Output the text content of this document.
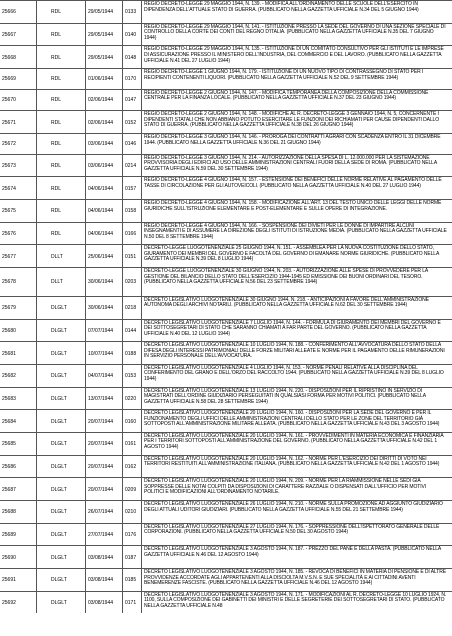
25666	RDL	29/05/1944 0133
REGIO DECRETO-LEGGE 29 MAGGIO 1944, N. 139. - MODIFICA ALL'ORDINAMENTO DELLE SCUOLE DELL'ESERCITO IN DIPENDENZA DELL'ATTUALE STATO DI GUERRA. (PUBBLICATO NELLA GAZZETTA UFFICIALE N.34 DEL 5 GIUGNO 1944)
25667	RDL	29/05/1944 0140
REGIO DECRETO-LEGGE 29 MAGGIO 1944, N. 141. - ISTITUZIONE PRESSO LA SEDE DEL GOVERNO DI UNA SEZIONE SPECIALE DI CONTROLLO DELLA CORTE DEI CONTI DEL REGNO D'ITALIA. (PUBBLICATO NELLA GAZZETTA UFFICIALE N.35 DEL 7 GIUGNO 1944)
25668	RDL	29/05/1944 0148
REGIO DECRETO-LEGGE 29 MAGGIO 1944, N. 135. - ISTITUZIONE DI UN COMITATO CONSULTIVO PER GLI ISTITUTI E LE IMPRESE DI ASSICURAZIONE PRESSO IL MINISTERO DELL'INDUSTRIA, DEL COMMERCIO E DEL LAVORO. (PUBBLICATO NELLA GAZZETTA UFFICIALE N.41 DEL 27 LUGLIO 1944)
25669	RDL	01/06/1944 0170
REGIO DECRETO-LEGGE 1 GIUGNO 1944, N. 179. - ISTITUZIONE DI UN NUOVO TIPO DI CONTRASSEGNO DI STATO PER I RECIPIENTI CONTENENTI LIQUORI. (PUBBLICATO NELLA GAZZETTA UFFICIALE N.52 DEL 9 SETTEMBRE 1944)
25670	RDL	02/06/1944 0147
REGIO DECRETO-LEGGE 2 GIUGNO 1944, N. 147. - MODIFICA TEMPORANEA DELLA COMPOSIZIONE DELLA COMMISSIONE CENTRALE PER LA FINANZA LOCALE. (PUBBLICATO NELLA GAZZETTA UFFICIALE N.37 DEL 23 GIUGNO 1944)
25671	RDL	02/06/1944 0152
REGIO DECRETO-LEGGE 2 GIUGNO 1944, N. 148. - MODIFICHE AL R. DECRETO-LEGGE 3 GENNAIO 1944, N. 5, CONCERNENTE I DIPENDENTI STATALI CHE NON ABBIANO POTUTO ESERCITARE LE FUNZIONI DEI RICHIAMATI PER CAUSE DIPENDENTI DALLO STATO DI GUERRA. (PUBBLICATO NELLA GAZZETTA UFFICIALE N.38 DEL 26 GIUGNO 1944)
25672	RDL	03/06/1944 0146
REGIO DECRETO-LEGGE 3 GIUGNO 1944, N. 146. - PROROGA DEI CONTRATTI AGRARI CON SCADENZA ENTRO IL 31 DICEMBRE 1944. (PUBBLICATO NELLA GAZZETTA UFFICIALE N.36 DEL 21 GIUGNO 1944)
25673	RDL	03/06/1944 0214
REGIO DECRETO-LEGGE 3 GIUGNO 1944, N. 214. - AUTORIZZAZIONE DELLA SPESA DI L. 12.000.000 PER LA SISTEMAZIONE PROVVISORIA DEGLI EDIFICI AD USO DELLE AMMINISTRAZIONI CENTRALI FUORI DELLA SEDE DI ROMA. (PUBBLICATO NELLA GAZZETTA UFFICIALE N.59 DEL 30 SETTEMBRE 1944)
25674	RDL	04/06/1944 0157
REGIO DECRETO-LEGGE 4 GIUGNO 1944, N. 157. - ESTENSIONE DEI BENEFICI DELLE NORME RELATIVE AL PAGAMENTO DELLE TASSE DI CIRCOLAZIONE PER GLI AUTOVEICOLI. (PUBBLICATO NELLA GAZZETTA UFFICIALE N.40 DEL 27 LUGLIO 1944)
25675	RDL	04/06/1944 0158
REGIO DECRETO-LEGGE 4 GIUGNO 1944, N. 158. - MODIFICAZIONE ALL'ART. 13 DEL TESTO UNICO DELLE LEGGI DELLE NORME GIURIDICHE SULL'ISTRUZIONE ELEMENTARE E POST-ELEMENTARE E SULLE OPERE DI INTEGRAZIONE.
25676	RDL	04/06/1944 0166
REGIO DECRETO-LEGGE 4 GIUGNO 1944, N. 166. - SOSPENSIONE DEI DIVIETI PER LE DONNE DI IMPARTIRE ALCUNI INSEGNAMENTI E DI ASSUMERE LA DIREZIONE DEGLI ISTITUTI DI ISTRUZIONE MEDIA. (PUBBLICATO NELLA GAZZETTA UFFICIALE N.50 DEL 8 SETTEMBRE 1944)
25677	DLLT	25/06/1944 0151
DECRETO-LEGGE LUOGOTENENZIALE 25 GIUGNO 1944, N. 151. - ASSEMBLEA PER LA NUOVA COSTITUZIONE DELLO STATO, GIURAMENTO DEI MEMBRI DEL GOVERNO E FACOLTÀ DEL GOVERNO DI EMANARE NORME GIURIDICHE. (PUBBLICATO NELLA GAZZETTA UFFICIALE N.39 DEL 8 LUGLIO 1944)
25678	DLLT	30/06/1944 0203
DECRETO-LEGGE LUOGOTENENZIALE 30 GIUGNO 1944, N. 203. - AUTORIZZAZIONE ALLE SPESE DI PROVVEDERE PER LA GESTIONE DEL BILANCIO DELLO STATO DELL'ESERCIZIO 1944-1945 ED EMISSIONE DEI BUONI ORDINARI DEL TESORO. (PUBBLICATO NELLA GAZZETTA UFFICIALE N.56 DEL 23 SETTEMBRE 1944)
25679	DLGLT	30/06/1944 0218
DECRETO LEGISLATIVO LUOGOTENENZIALE 30 GIUGNO 1944, N. 218. - ANTICIPAZIONI A FAVORE DELL'AMMINISTRAZIONE AUTONOMA DEGLI ARCHIVI NOTARILI. (PUBBLICATO NELLA GAZZETTA UFFICIALE N.62 DEL 30 SETTEMBRE 1944)
25680	DLGLT	07/07/1944 0144
DECRETO LEGISLATIVO LUOGOTENENZIALE 7 LUGLIO 1944, N. 144. - FORMULA DI GIURAMENTO DEI MEMBRI DEL GOVERNO E DEI SOTTOSEGRETARI DI STATO CHE SARANNO CHIAMATI A FAR PARTE DEL GOVERNO. (PUBBLICATO NELLA GAZZETTA UFFICIALE N.40 DEL 12 LUGLIO 1944)
25681	DLGLT	10/07/1944 0188
DECRETO LEGISLATIVO LUOGOTENENZIALE 10 LUGLIO 1944, N. 188. - CONFERIMENTO ALL'AVVOCATURA DELLO STATO DELLA DIFESA DEGLI INTERESSI PATRIMONIALI DELLE FORZE MILITARI ALLEATE E NORME PER IL PAGAMENTO DELLE RIMUNERAZIONI IN SERVIZIO PERSONALE DELL'AVVOCATURA.
25682	DLGLT	04/07/1944 0153
DECRETO LEGISLATIVO LUOGOTENENZIALE 4 LUGLIO 1944, N. 153. - NORME PENALI RELATIVE ALLA DISCIPLINA DEL CONFERIMENTO DEL GRANO E DELL'ORZO DEL RACCOLTO 1944. (PUBBLICATO NELLA GAZZETTA UFFICIALE N.39 DEL 8 LUGLIO 1944)
25683	DLGLT	13/07/1944 0220
DECRETO LEGISLATIVO LUOGOTENENZIALE 13 LUGLIO 1944, N. 220. - DISPOSIZIONI PER IL RIPRISTINO IN SERVIZIO DI MAGISTRATI DELL'ORDINE GIUDIZIARIO PERSEGUITATI IN QUALSIASI FORMA PER MOTIVI POLITICI. (PUBBLICATO NELLA GAZZETTA UFFICIALE N.58 DEL 28 SETTEMBRE 1944)
25684	DLGLT	20/07/1944 0160
DECRETO LEGISLATIVO LUOGOTENENZIALE 20 LUGLIO 1944, N. 160. - DISPOSIZIONI PER LA SEDE DEL GOVERNO E PER IL FUNZIONAMENTO DEGLI UFFICI DELLE AMMINISTRAZIONI CENTRALI DELLO STATO PER LE ZONE DEL TERRITORIO GIÀ SOTTOPOSTI ALL'AMMINISTRAZIONE MILITARE ALLEATA. (PUBBLICATO NELLA GAZZETTA UFFICIALE N.43 DEL 3 AGOSTO 1944)
25685	DLGLT	20/07/1944 0161
DECRETO LEGISLATIVO LUOGOTENENZIALE 20 LUGLIO 1944, N. 161. - PROVVEDIMENTI IN MATERIA ECONOMICA E FINANZIARIA PER I TERRITORI SOTTOPOSTI ALL'AMMINISTRAZIONE DEL GOVERNO. (PUBBLICATO NELLA GAZZETTA UFFICIALE N.42 DEL 1 AGOSTO 1944)
25686	DLGLT	20/07/1944 0162
DECRETO LEGISLATIVO LUOGOTENENZIALE 20 LUGLIO 1944, N. 162. - NORME PER L'ESERCIZIO DEI DIRITTI DI VOTO NEI TERRITORI RESTITUITI ALL'AMMINISTRAZIONE ITALIANA. (PUBBLICATO NELLA GAZZETTA UFFICIALE N.42 DEL 1 AGOSTO 1944)
25687	DLGLT	20/07/1944 0209
DECRETO LEGISLATIVO LUOGOTENENZIALE 20 LUGLIO 1944, N. 209. - NORME PER LA RIAMMISSIONE NELLE SEDI GIÀ SOPPRESSE DELLE NOTAI COLPITI DA DISPOSIZIONI DI CARATTERE RAZZIALE O DISPENSATI DALL'UFFICIO PER MOTIVI POLITICI E MODIFICAZIONI ALL'ORDINAMENTO NOTARILE.
25688	DLGLT	26/07/1944 0210
DECRETO LEGISLATIVO LUOGOTENENZIALE 26 LUGLIO 1944, N. 210. - NORME SULLA PROMOZIONE AD AGGIUNTO GIUDIZIARIO DEGLI ATTUALI UDITORI GIUDIZIARI. (PUBBLICATO NELLA GAZZETTA UFFICIALE N.55 DEL 21 SETTEMBRE 1944)
25689	DLGLT	27/07/1944 0176
DECRETO LEGISLATIVO LUOGOTENENZIALE 27 LUGLIO 1944, N. 176. - SOPPRESSIONE DELL'ISPETTORATO GENERALE DELLE CORPORAZIONI. (PUBBLICATO NELLA GAZZETTA UFFICIALE N.50 DEL 30 AGOSTO 1944)
25690	DLGLT	03/08/1944 0187
DECRETO LEGISLATIVO LUOGOTENENZIALE 3 AGOSTO 1944, N. 187. - PREZZO DEL PANE E DELLA PASTA. (PUBBLICATO NELLA GAZZETTA UFFICIALE N.46 DEL 12 AGOSTO 1944)
25691	DLGLT	03/08/1944 0185
DECRETO LEGISLATIVO LUOGOTENENZIALE 3 AGOSTO 1944, N. 185. - REVOCA DI BENEFICI IN MATERIA DI PENSIONE E DI ALTRE PROVVIDENZE ACCORDATE AGLI APPARTENENTI ALLA DISCIOLTA M.V.S.N. E SUE SPECIALITÀ E AI CITTADINI AVENTI BENEMERENZE FASCISTE. (PUBBLICATO NELLA GAZZETTA UFFICIALE N.46 DEL 12 AGOSTO 1944)
25692	DLGLT	03/08/1944 0171
DECRETO LEGISLATIVO LUOGOTENENZIALE 3 AGOSTO 1944, N. 171. - MODIFICAZIONI AL R. DECRETO-LEGGE 10 LUGLIO 1924, N. 1100, SULLA COMPOSIZIONE DEI GABINETTI DEI MINISTRI E DELLE SEGRETERIE DEI SOTTOSEGRETARI DI STATO. (PUBBLICATO NELLA GAZZETTA UFFICIALE N.48
